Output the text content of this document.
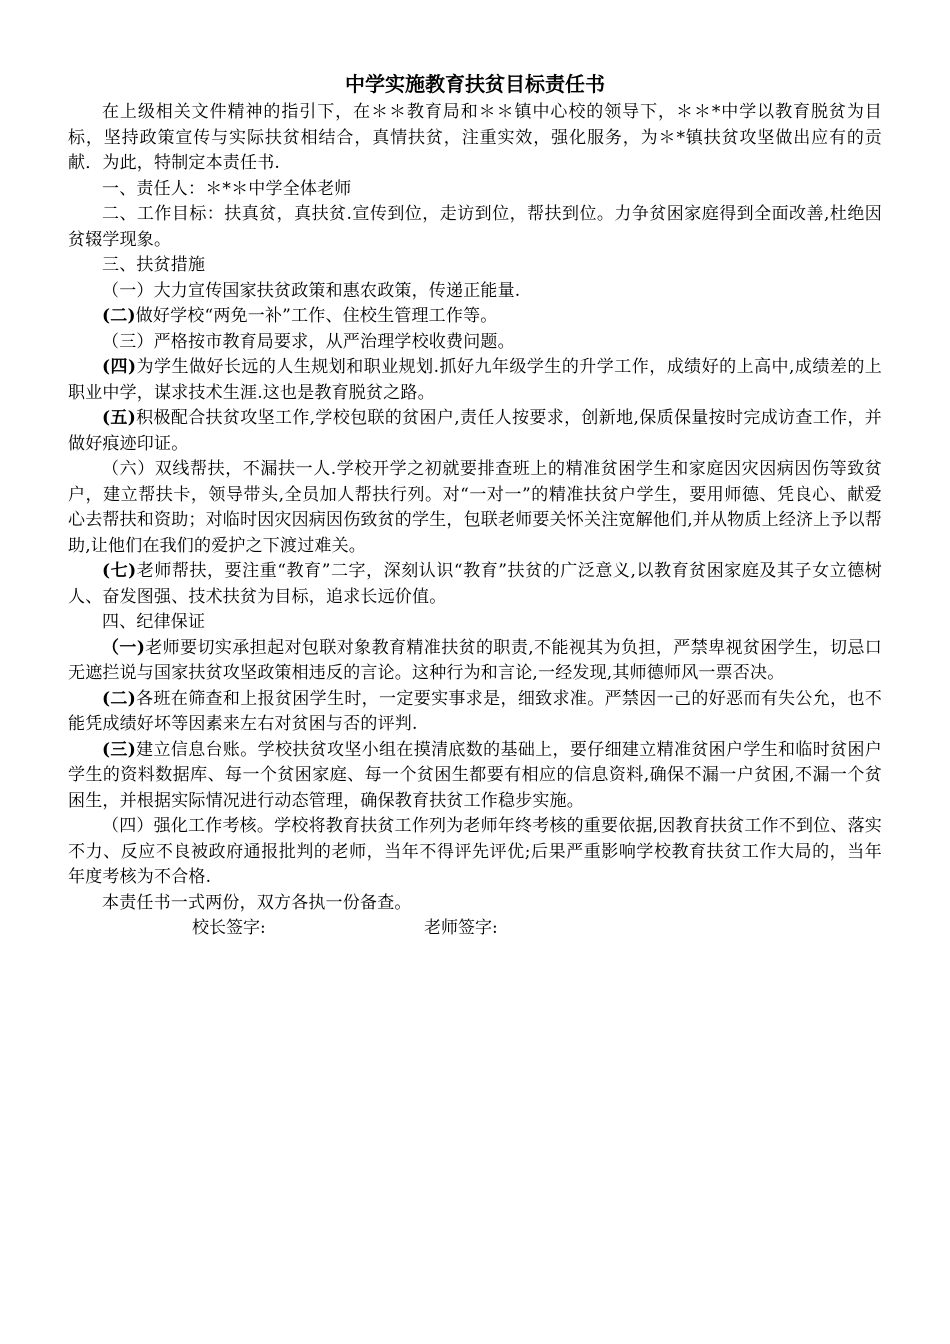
中学实施教育扶贫目标责任书

在上级相关文件精神的指引下，在＊＊教育局和＊＊镇中心校的领导下，＊＊*中学以教育脱贫为目标，坚持政策宣传与实际扶贫相结合，真情扶贫，注重实效，强化服务，为＊*镇扶贫攻坚做出应有的贡献．为此，特制定本责任书.

一、责任人：＊*＊中学全体老师

二、工作目标：扶真贫，真扶贫.宣传到位，走访到位，帮扶到位。力争贫困家庭得到全面改善,杜绝因贫辍学现象。

三、扶贫措施

（一）大力宣传国家扶贫政策和惠农政策，传递正能量.

(二)做好学校“两免一补”工作、住校生管理工作等。

（三）严格按市教育局要求，从严治理学校收费问题。

(四)为学生做好长远的人生规划和职业规划.抓好九年级学生的升学工作，成绩好的上高中,成绩差的上职业中学，谋求技术生涯.这也是教育脱贫之路。

(五)积极配合扶贫攻坚工作,学校包联的贫困户,责任人按要求，创新地,保质保量按时完成访查工作，并做好痕迹印证。

（六）双线帮扶，不漏扶一人.学校开学之初就要排查班上的精准贫困学生和家庭因灾因病因伤等致贫户，建立帮扶卡，领导带头,全员加人帮扶行列。对“一对一”的精准扶贫户学生，要用师德、凭良心、献爱心去帮扶和资助；对临时因灾因病因伤致贫的学生，包联老师要关怀关注宽解他们,并从物质上经济上予以帮助,让他们在我们的爱护之下渡过难关。

(七)老师帮扶，要注重“教育”二字，深刻认识“教育”扶贫的广泛意义,以教育贫困家庭及其子女立德树人、奋发图强、技术扶贫为目标，追求长远价值。

四、纪律保证

（一)老师要切实承担起对包联对象教育精准扶贫的职责,不能视其为负担，严禁卑视贫困学生，切忌口无遮拦说与国家扶贫攻坚政策相违反的言论。这种行为和言论,一经发现,其师德师风一票否决。

(二)各班在筛查和上报贫困学生时，一定要实事求是，细致求准。严禁因一己的好恶而有失公允，也不能凭成绩好坏等因素来左右对贫困与否的评判.

(三)建立信息台账。学校扶贫攻坚小组在摸清底数的基础上，要仔细建立精准贫困户学生和临时贫困户学生的资料数据库、每一个贫困家庭、每一个贫困生都要有相应的信息资料,确保不漏一户贫困,不漏一个贫困生，并根据实际情况进行动态管理，确保教育扶贫工作稳步实施。

（四）强化工作考核。学校将教育扶贫工作列为老师年终考核的重要依据,因教育扶贫工作不到位、落实不力、反应不良被政府通报批判的老师，当年不得评先评优;后果严重影响学校教育扶贫工作大局的，当年年度考核为不合格.

本责任书一式两份，双方各执一份备查。

校长签字:	老师签字:
